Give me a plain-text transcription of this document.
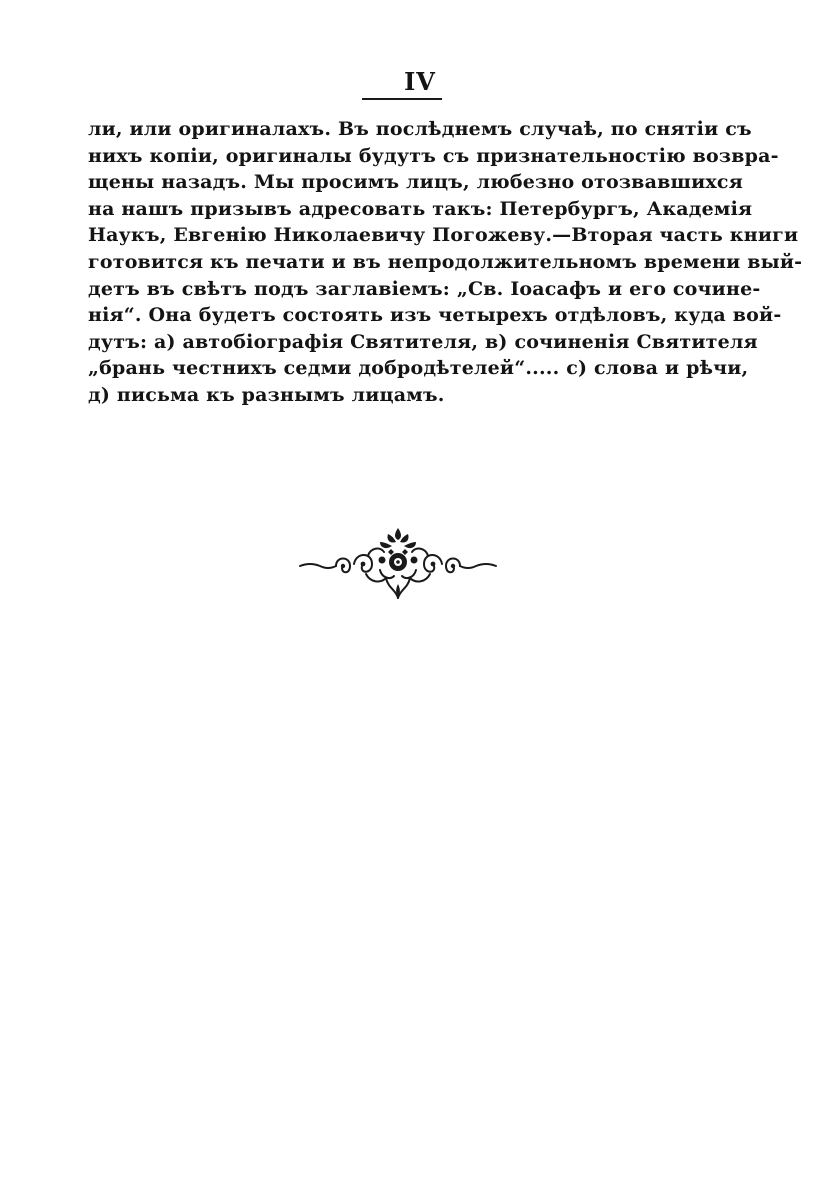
IV
ли, или оригиналахъ. Въ послѣднемъ случаѣ, по снятіи съ
нихъ копіи, оригиналы будутъ съ признательностію возвра-
щены назадъ. Мы просимъ лицъ, любезно отозвавшихся
на нашъ призывъ адресовать такъ: Петербургъ, Академія
Наукъ, Евгенію Николаевичу Погожеву.—Вторая часть книги
готовится къ печати и въ непродолжительномъ времени вый-
детъ въ свѣтъ подъ заглавіемъ: „Св. Іоасафъ и его сочине-
нія“. Она будетъ состоять изъ четырехъ отдѣловъ, куда вой-
дутъ: а) автобіографія Святителя, в) сочиненія Святителя
„брань честнихъ седми добродѣтелей“..... с) слова и рѣчи,
д) письма къ разнымъ лицамъ.
